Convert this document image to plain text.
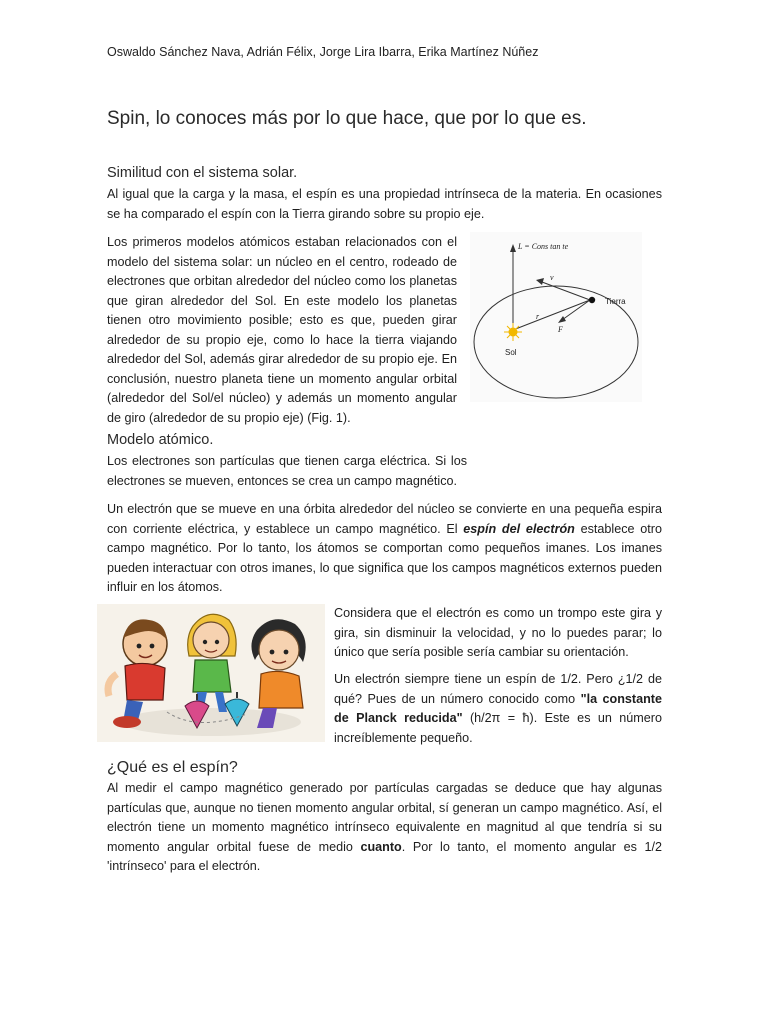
Oswaldo Sánchez Nava, Adrián Félix, Jorge Lira Ibarra, Erika Martínez Núñez
Spin, lo conoces más por lo que hace, que por lo que es.
Similitud con el sistema solar.
Al igual que la carga y la masa, el espín es una propiedad intrínseca de la materia. En ocasiones se ha comparado el espín con la Tierra girando sobre su propio eje.
Los primeros modelos atómicos estaban relacionados con el modelo del sistema solar: un núcleo en el centro, rodeado de electrones que orbitan alrededor del núcleo como los planetas que giran alrededor del Sol. En este modelo los planetas tienen otro movimiento posible; esto es que, pueden girar alrededor de su propio eje, como lo hace la tierra viajando alrededor del Sol, además girar alrededor de su propio eje. En conclusión, nuestro planeta tiene un momento angular orbital (alrededor del Sol/el núcleo) y además un momento angular de giro (alrededor de su propio eje) (Fig. 1).
L = Cons tan te
r
F
v
Tierra
Sol
Modelo atómico.
Los electrones son partículas que tienen carga eléctrica. Si los electrones se mueven, entonces se crea un campo magnético.
Un electrón que se mueve en una órbita alrededor del núcleo se convierte en una pequeña espira con corriente eléctrica, y establece un campo magnético. El espín del electrón establece otro campo magnético. Por lo tanto, los átomos se comportan como pequeños imanes. Los imanes pueden interactuar con otros imanes, lo que significa que los campos magnéticos externos pueden influir en los átomos.
Considera que el electrón es como un trompo este gira y gira, sin disminuir la velocidad, y no lo puedes parar; lo único que sería posible sería cambiar su orientación.
Un electrón siempre tiene un espín de 1/2. Pero ¿1/2 de qué? Pues de un número conocido como "la constante de Planck reducida" (h/2π = ħ). Este es un número increíblemente pequeño.
¿Qué es el espín?
Al medir el campo magnético generado por partículas cargadas se deduce que hay algunas partículas que, aunque no tienen momento angular orbital, sí generan un campo magnético. Así, el electrón tiene un momento magnético intrínseco equivalente en magnitud al que tendría si su momento angular orbital fuese de medio cuanto. Por lo tanto, el momento angular es 1/2 'intrínseco' para el electrón.
